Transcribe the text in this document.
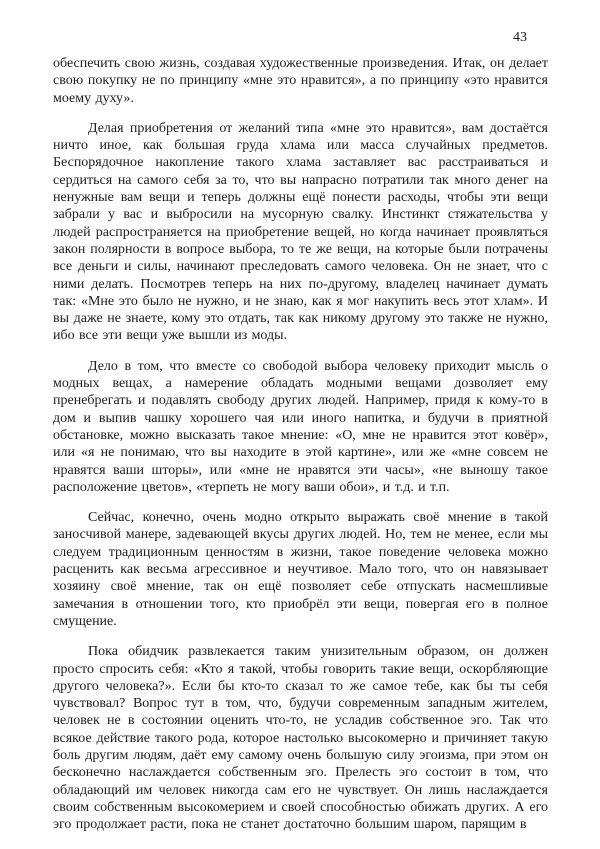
43

обеспечить свою жизнь, создавая художественные произведения. Итак, он делает свою покупку не по принципу «мне это нравится», а по принципу «это нравится моему духу».

Делая приобретения от желаний типа «мне это нравится», вам достаётся ничто иное, как большая груда хлама или масса случайных предметов. Беспорядочное накопление такого хлама заставляет вас расстраиваться и сердиться на самого себя за то, что вы напрасно потратили так много денег на ненужные вам вещи и теперь должны ещё понести расходы, чтобы эти вещи забрали у вас и выбросили на мусорную свалку. Инстинкт стяжательства у людей распространяется на приобретение вещей, но когда начинает проявляться закон полярности в вопросе выбора, то те же вещи, на которые были потрачены все деньги и силы, начинают преследовать самого человека. Он не знает, что с ними делать. Посмотрев теперь на них по-другому, владелец начинает думать так: «Мне это было не нужно, и не знаю, как я мог накупить весь этот хлам». И вы даже не знаете, кому это отдать, так как никому другому это также не нужно, ибо все эти вещи уже вышли из моды.

Дело в том, что вместе со свободой выбора человеку приходит мысль о модных вещах, а намерение обладать модными вещами дозволяет ему пренебрегать и подавлять свободу других людей. Например, придя к кому-то в дом и выпив чашку хорошего чая или иного напитка, и будучи в приятной обстановке, можно высказать такое мнение: «О, мне не нравится этот ковёр», или «я не понимаю, что вы находите в этой картине», или же «мне совсем не нравятся ваши шторы», или «мне не нравятся эти часы», «не выношу такое расположение цветов», «терпеть не могу ваши обои», и т.д. и т.п.

Сейчас, конечно, очень модно открыто выражать своё мнение в такой заносчивой манере, задевающей вкусы других людей. Но, тем не менее, если мы следуем традиционным ценностям в жизни, такое поведение человека можно расценить как весьма агрессивное и неучтивое. Мало того, что он навязывает хозяину своё мнение, так он ещё позволяет себе отпускать насмешливые замечания в отношении того, кто приобрёл эти вещи, повергая его в полное смущение.

Пока обидчик развлекается таким унизительным образом, он должен просто спросить себя: «Кто я такой, чтобы говорить такие вещи, оскорбляющие другого человека?». Если бы кто-то сказал то же самое тебе, как бы ты себя чувствовал? Вопрос тут в том, что, будучи современным западным жителем, человек не в состоянии оценить что-то, не усладив собственное эго. Так что всякое действие такого рода, которое настолько высокомерно и причиняет такую боль другим людям, даёт ему самому очень большую силу эгоизма, при этом он бесконечно наслаждается собственным эго. Прелесть эго состоит в том, что обладающий им человек никогда сам его не чувствует. Он лишь наслаждается своим собственным высокомерием и своей способностью обижать других. А его эго продолжает расти, пока не станет достаточно большим шаром, парящим в
